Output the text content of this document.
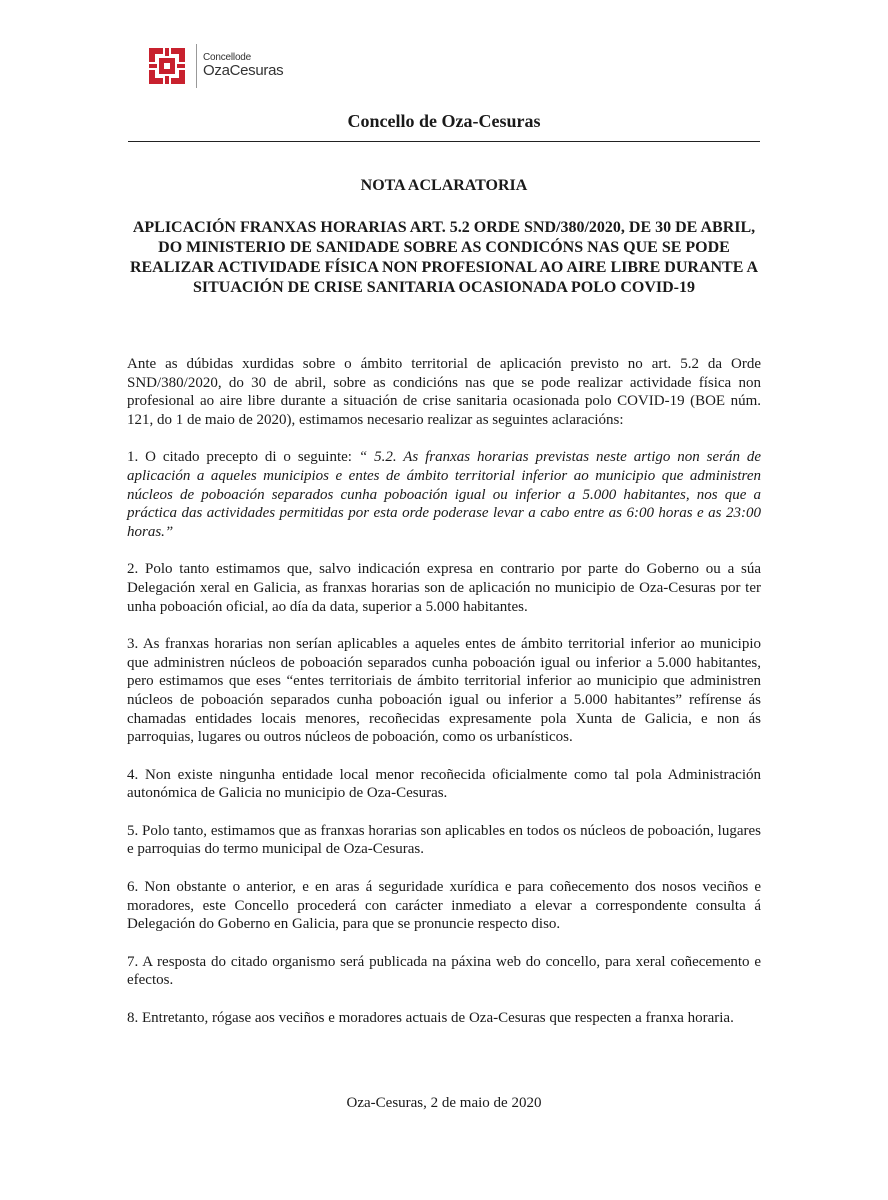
Concellode
OzaCesuras
Concello de Oza-Cesuras
NOTA ACLARATORIA
APLICACIÓN FRANXAS HORARIAS ART. 5.2 ORDE SND/380/2020, DE 30 DE ABRIL, DO MINISTERIO DE SANIDADE SOBRE AS CONDICÓNS NAS QUE SE PODE REALIZAR ACTIVIDADE FÍSICA NON PROFESIONAL AO AIRE LIBRE DURANTE A SITUACIÓN DE CRISE SANITARIA OCASIONADA POLO COVID-19

Ante as dúbidas xurdidas sobre o ámbito territorial de aplicación previsto no art. 5.2 da Orde SND/380/2020, do 30 de abril, sobre as condicións nas que se pode realizar actividade física non profesional ao aire libre durante a situación de crise sanitaria ocasionada polo COVID-19 (BOE núm. 121, do 1 de maio de 2020), estimamos necesario realizar as seguintes aclaracións:

1. O citado precepto di o seguinte: “ 5.2. As franxas horarias previstas neste artigo non serán de aplicación a aqueles municipios e entes de ámbito territorial inferior ao municipio que administren núcleos de poboación separados cunha poboación igual ou inferior a 5.000 habitantes, nos que a práctica das actividades permitidas por esta orde poderase levar a cabo entre as 6:00 horas e as 23:00 horas.”

2. Polo tanto estimamos que, salvo indicación expresa en contrario por parte do Goberno ou a súa Delegación xeral en Galicia, as franxas horarias son de aplicación no municipio de Oza-Cesuras por ter unha poboación oficial, ao día da data, superior a 5.000 habitantes.

3. As franxas horarias non serían aplicables a aqueles entes de ámbito territorial inferior ao municipio que administren núcleos de poboación separados cunha poboación igual ou inferior a 5.000 habitantes, pero estimamos que eses “entes territoriais de ámbito territorial inferior ao municipio que administren núcleos de poboación separados cunha poboación igual ou inferior a 5.000 habitantes” refírense ás chamadas entidades locais menores, recoñecidas expresamente pola Xunta de Galicia, e non ás parroquias, lugares ou outros núcleos de poboación, como os urbanísticos.

4. Non existe ningunha entidade local menor recoñecida oficialmente como tal pola Administración autonómica de Galicia no municipio de Oza-Cesuras.

5. Polo tanto, estimamos que as franxas horarias son aplicables en todos os núcleos de poboación, lugares e parroquias do termo municipal de Oza-Cesuras.

6. Non obstante o anterior, e en aras á seguridade xurídica e para coñecemento dos nosos veciños e moradores, este Concello procederá con carácter inmediato a elevar a correspondente consulta á Delegación do Goberno en Galicia, para que se pronuncie respecto diso.

7. A resposta do citado organismo será publicada na páxina web do concello, para xeral coñecemento e efectos.

8. Entretanto, rógase aos veciños e moradores actuais de Oza-Cesuras que respecten a franxa horaria.

Oza-Cesuras, 2 de maio de 2020
